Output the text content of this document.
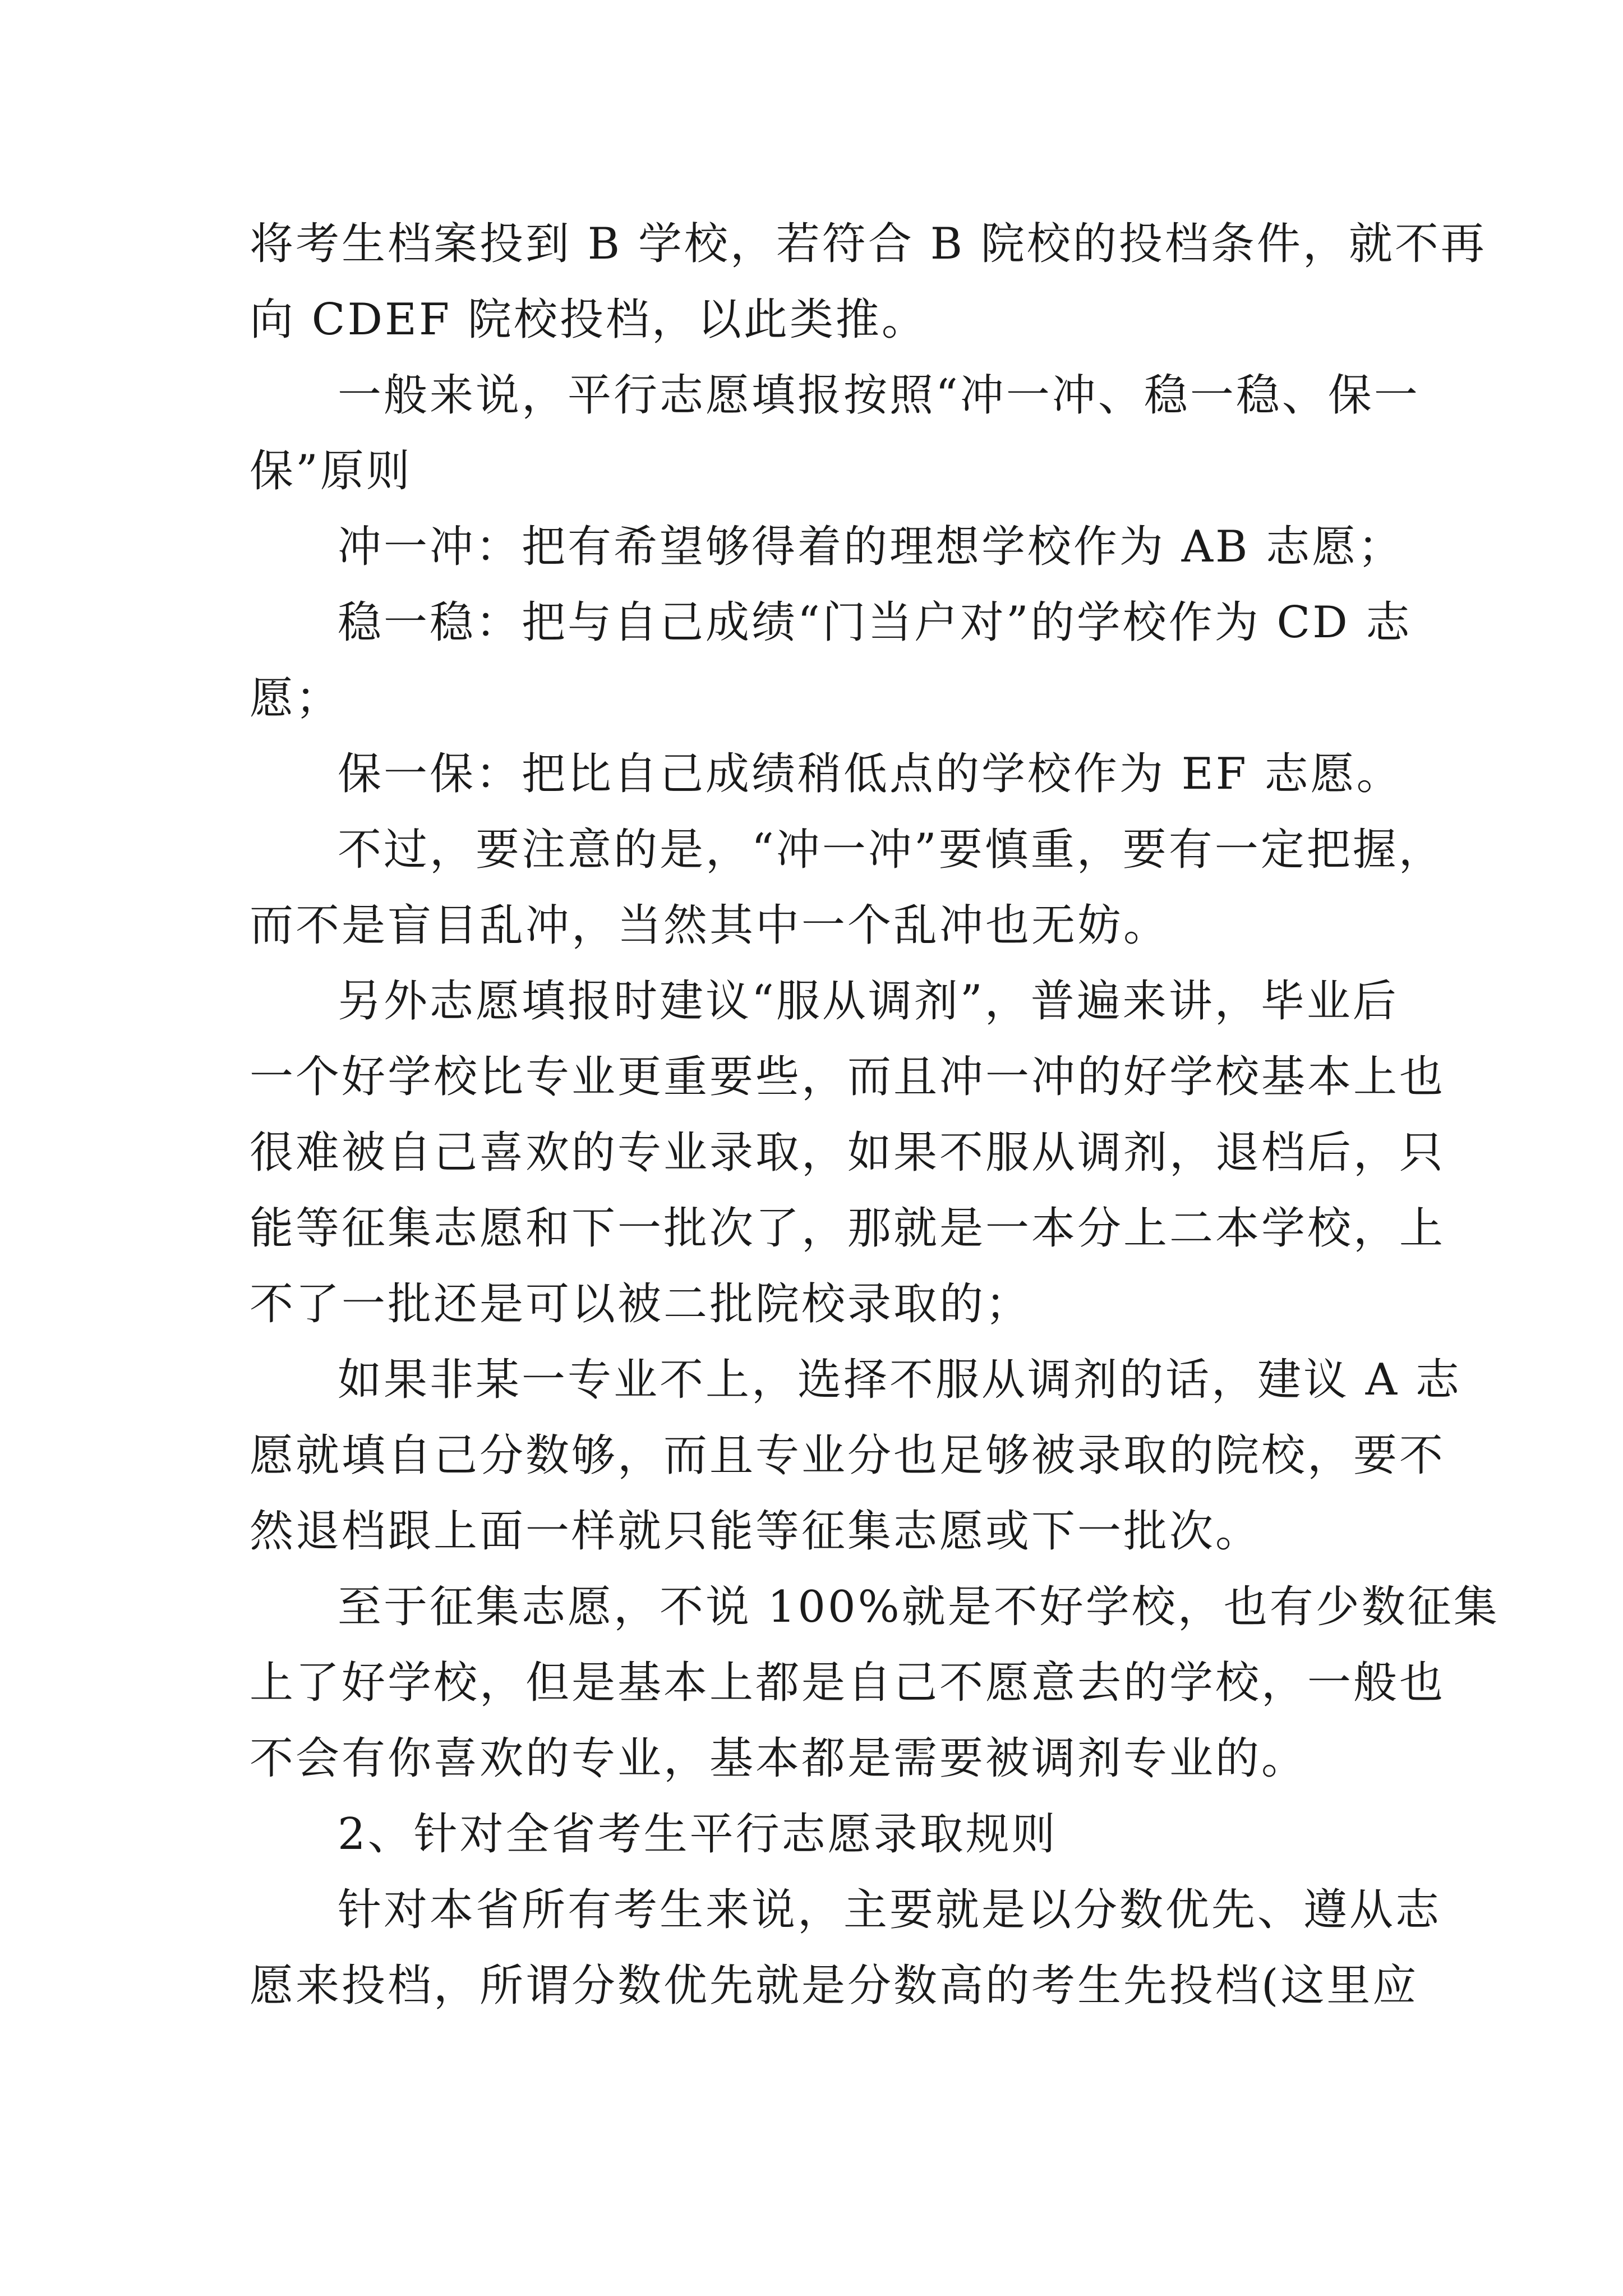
将考生档案投到 B 学校，若符合 B 院校的投档条件，就不再
向 CDEF 院校投档，以此类推。
一般来说，平行志愿填报按照“冲一冲、稳一稳、保一
保”原则
冲一冲：把有希望够得着的理想学校作为 AB 志愿；
稳一稳：把与自己成绩“门当户对”的学校作为 CD 志
愿；
保一保：把比自己成绩稍低点的学校作为 EF 志愿。
不过，要注意的是，“冲一冲”要慎重，要有一定把握，
而不是盲目乱冲，当然其中一个乱冲也无妨。
另外志愿填报时建议“服从调剂”，普遍来讲，毕业后
一个好学校比专业更重要些，而且冲一冲的好学校基本上也
很难被自己喜欢的专业录取，如果不服从调剂，退档后，只
能等征集志愿和下一批次了，那就是一本分上二本学校，上
不了一批还是可以被二批院校录取的；
如果非某一专业不上，选择不服从调剂的话，建议 A 志
愿就填自己分数够，而且专业分也足够被录取的院校，要不
然退档跟上面一样就只能等征集志愿或下一批次。
至于征集志愿，不说 100%就是不好学校，也有少数征集
上了好学校，但是基本上都是自己不愿意去的学校，一般也
不会有你喜欢的专业，基本都是需要被调剂专业的。
2、针对全省考生平行志愿录取规则
针对本省所有考生来说，主要就是以分数优先、遵从志
愿来投档，所谓分数优先就是分数高的考生先投档(这里应
